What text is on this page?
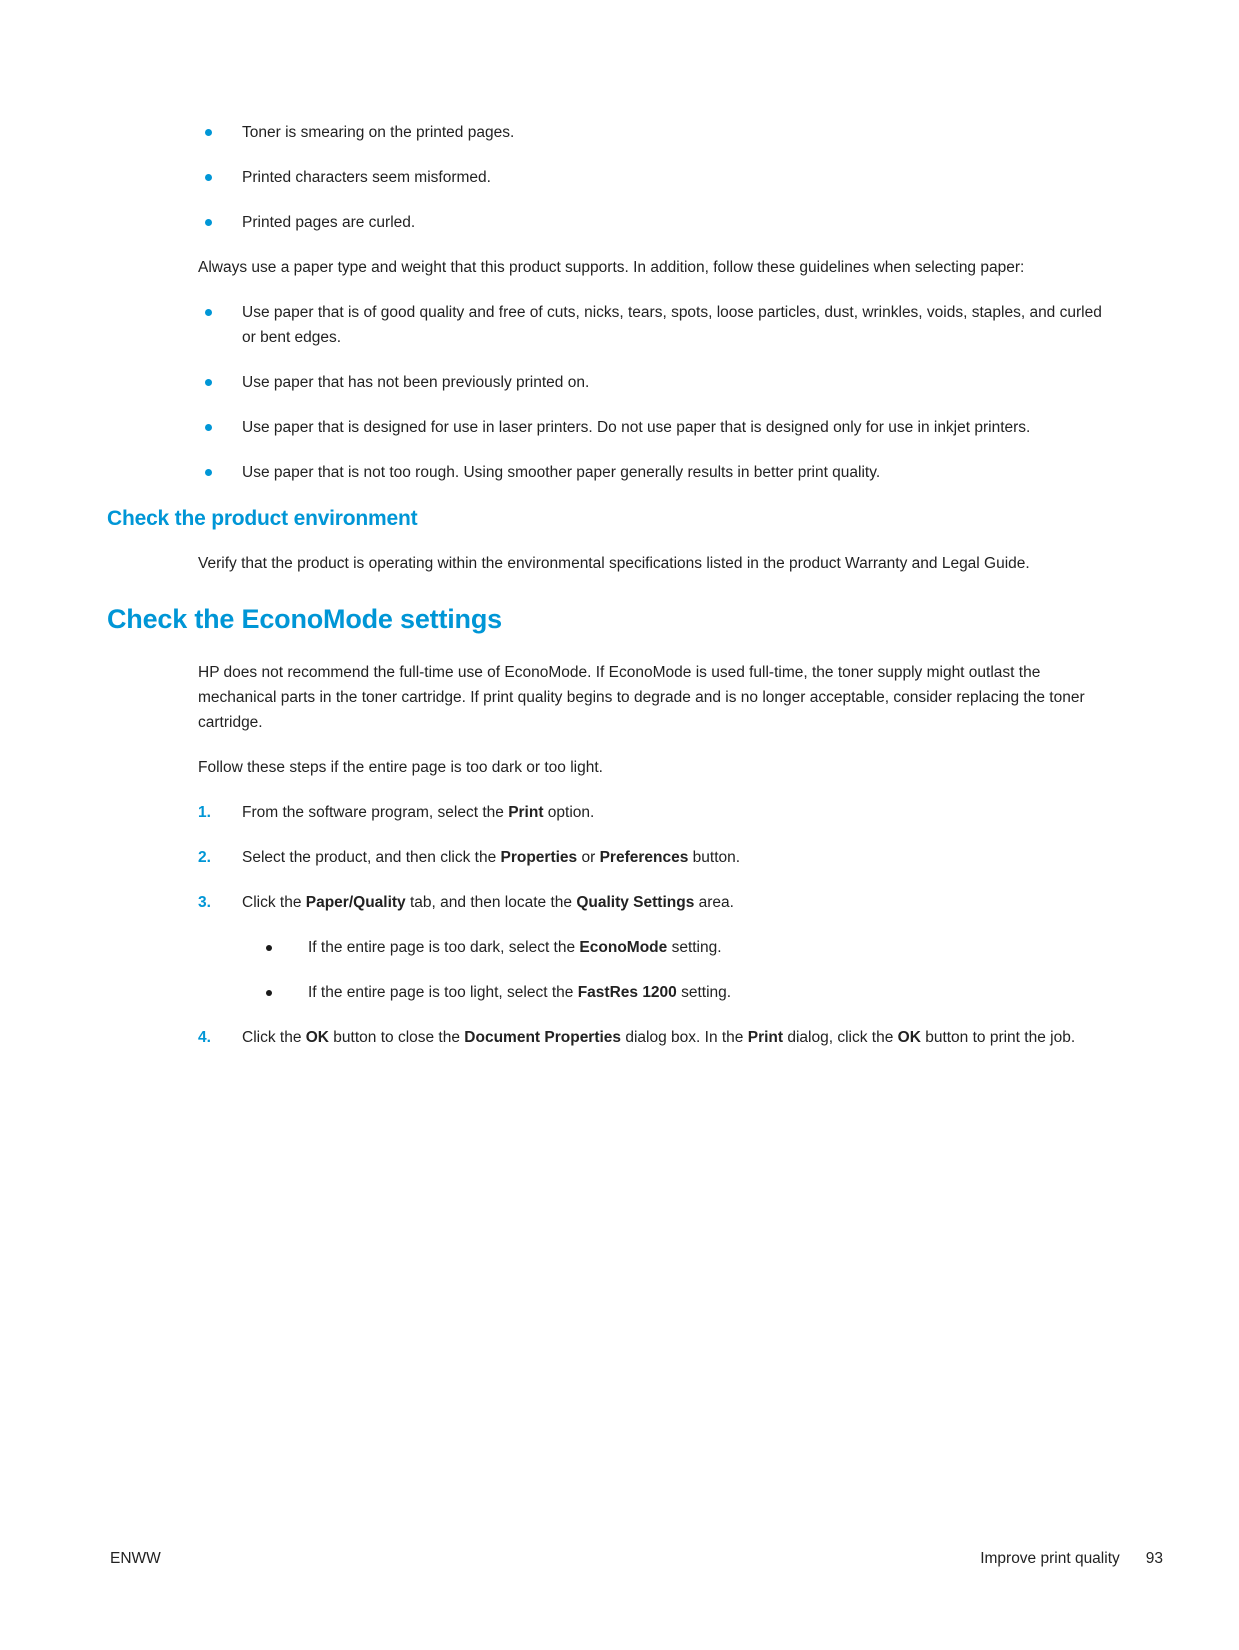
Toner is smearing on the printed pages.
Printed characters seem misformed.
Printed pages are curled.

Always use a paper type and weight that this product supports. In addition, follow these guidelines when selecting paper:

Use paper that is of good quality and free of cuts, nicks, tears, spots, loose particles, dust, wrinkles, voids, staples, and curled or bent edges.
Use paper that has not been previously printed on.
Use paper that is designed for use in laser printers. Do not use paper that is designed only for use in inkjet printers.
Use paper that is not too rough. Using smoother paper generally results in better print quality.
Check the product environment

Verify that the product is operating within the environmental specifications listed in the product Warranty and Legal Guide.

Check the EconoMode settings

HP does not recommend the full-time use of EconoMode. If EconoMode is used full-time, the toner supply might outlast the mechanical parts in the toner cartridge. If print quality begins to degrade and is no longer acceptable, consider replacing the toner cartridge.

Follow these steps if the entire page is too dark or too light.

1. From the software program, select the Print option.
2. Select the product, and then click the Properties or Preferences button.
3. Click the Paper/Quality tab, and then locate the Quality Settings area.
If the entire page is too dark, select the EconoMode setting.
If the entire page is too light, select the FastRes 1200 setting.
4. Click the OK button to close the Document Properties dialog box. In the Print dialog, click the OK button to print the job.
ENWW	Improve print quality 93
